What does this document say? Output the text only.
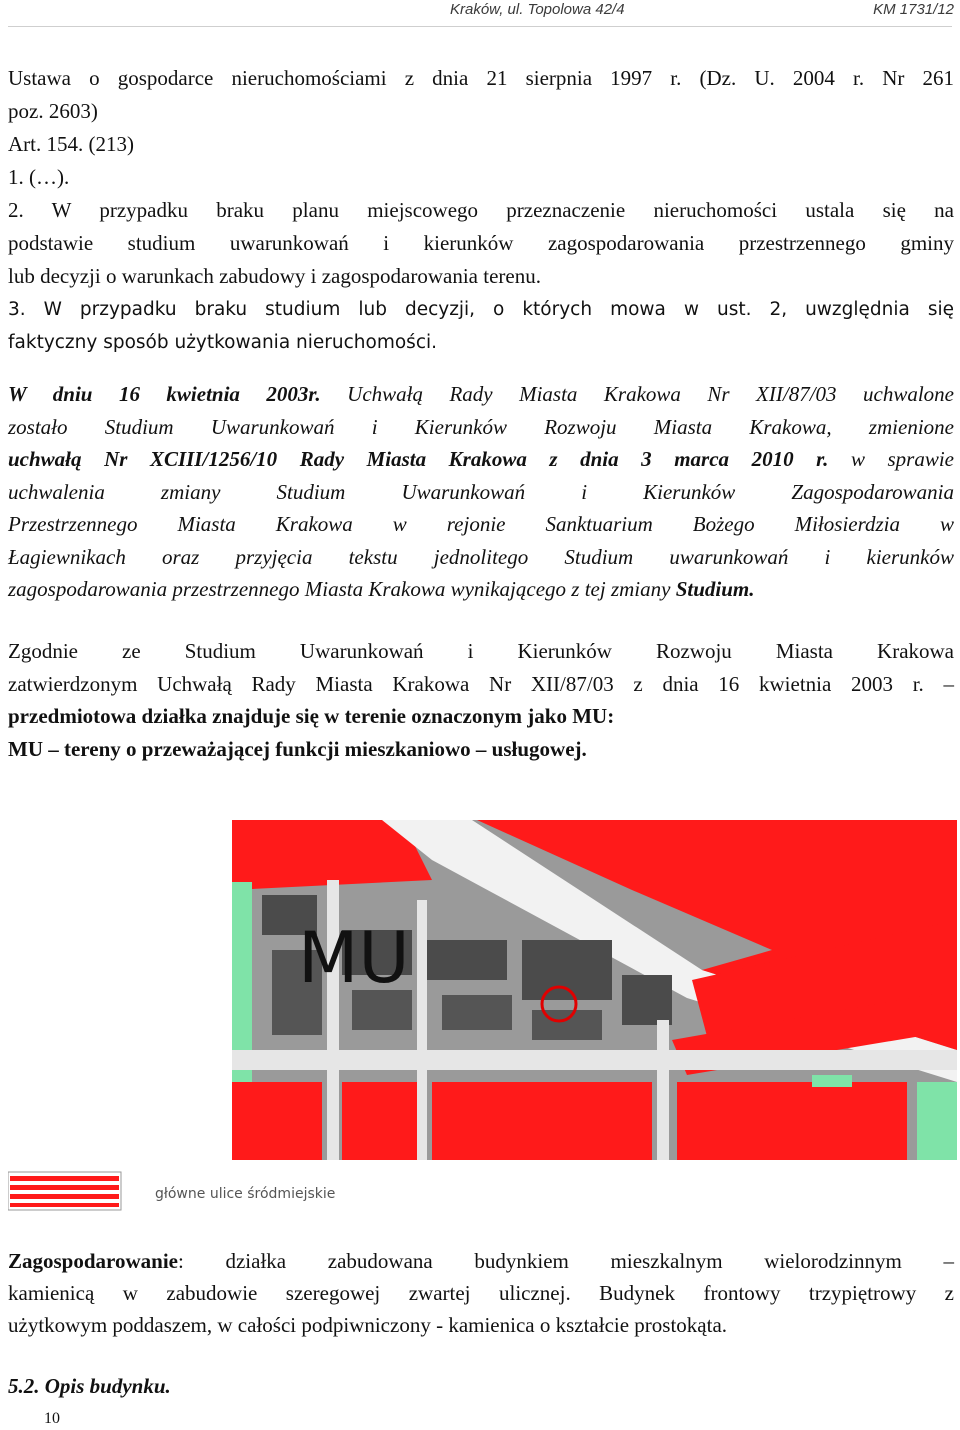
Kraków, ul. Topolowa 42/4	KM 1731/12
Ustawa o gospodarce nieruchomościami z dnia 21 sierpnia 1997 r. (Dz. U. 2004 r. Nr 261
poz. 2603)
Art. 154. (213)
1. (…).
2. W przypadku braku planu miejscowego przeznaczenie nieruchomości ustala się na
podstawie studium uwarunkowań i kierunków zagospodarowania przestrzennego gminy
lub decyzji o warunkach zabudowy i zagospodarowania terenu.
3. W przypadku braku studium lub decyzji, o których mowa w ust. 2, uwzględnia się
faktyczny sposób użytkowania nieruchomości.
W dniu 16 kwietnia 2003r. Uchwałą Rady Miasta Krakowa Nr XII/87/03 uchwalone
zostało Studium Uwarunkowań i Kierunków Rozwoju Miasta Krakowa, zmienione
uchwałą Nr XCIII/1256/10 Rady Miasta Krakowa z dnia 3 marca 2010 r. w sprawie
uchwalenia zmiany Studium Uwarunkowań i Kierunków Zagospodarowania
Przestrzennego Miasta Krakowa w rejonie Sanktuarium Bożego Miłosierdzia w
Łagiewnikach oraz przyjęcia tekstu jednolitego Studium uwarunkowań i kierunków
zagospodarowania przestrzennego Miasta Krakowa wynikającego z tej zmiany Studium.
Zgodnie ze Studium Uwarunkowań i Kierunków Rozwoju Miasta Krakowa
zatwierdzonym Uchwałą Rady Miasta Krakowa Nr XII/87/03 z dnia 16 kwietnia 2003 r. –
przedmiotowa działka znajduje się w terenie oznaczonym jako MU:
MU – tereny o przeważającej funkcji mieszkaniowo – usługowej.
MU
główne ulice śródmiejskie
Zagospodarowanie: działka zabudowana budynkiem mieszkalnym wielorodzinnym –
kamienicą w zabudowie szeregowej zwartej ulicznej. Budynek frontowy trzypiętrowy z
użytkowym poddaszem, w całości podpiwniczony - kamienica o kształcie prostokąta.
5.2. Opis budynku.
10
